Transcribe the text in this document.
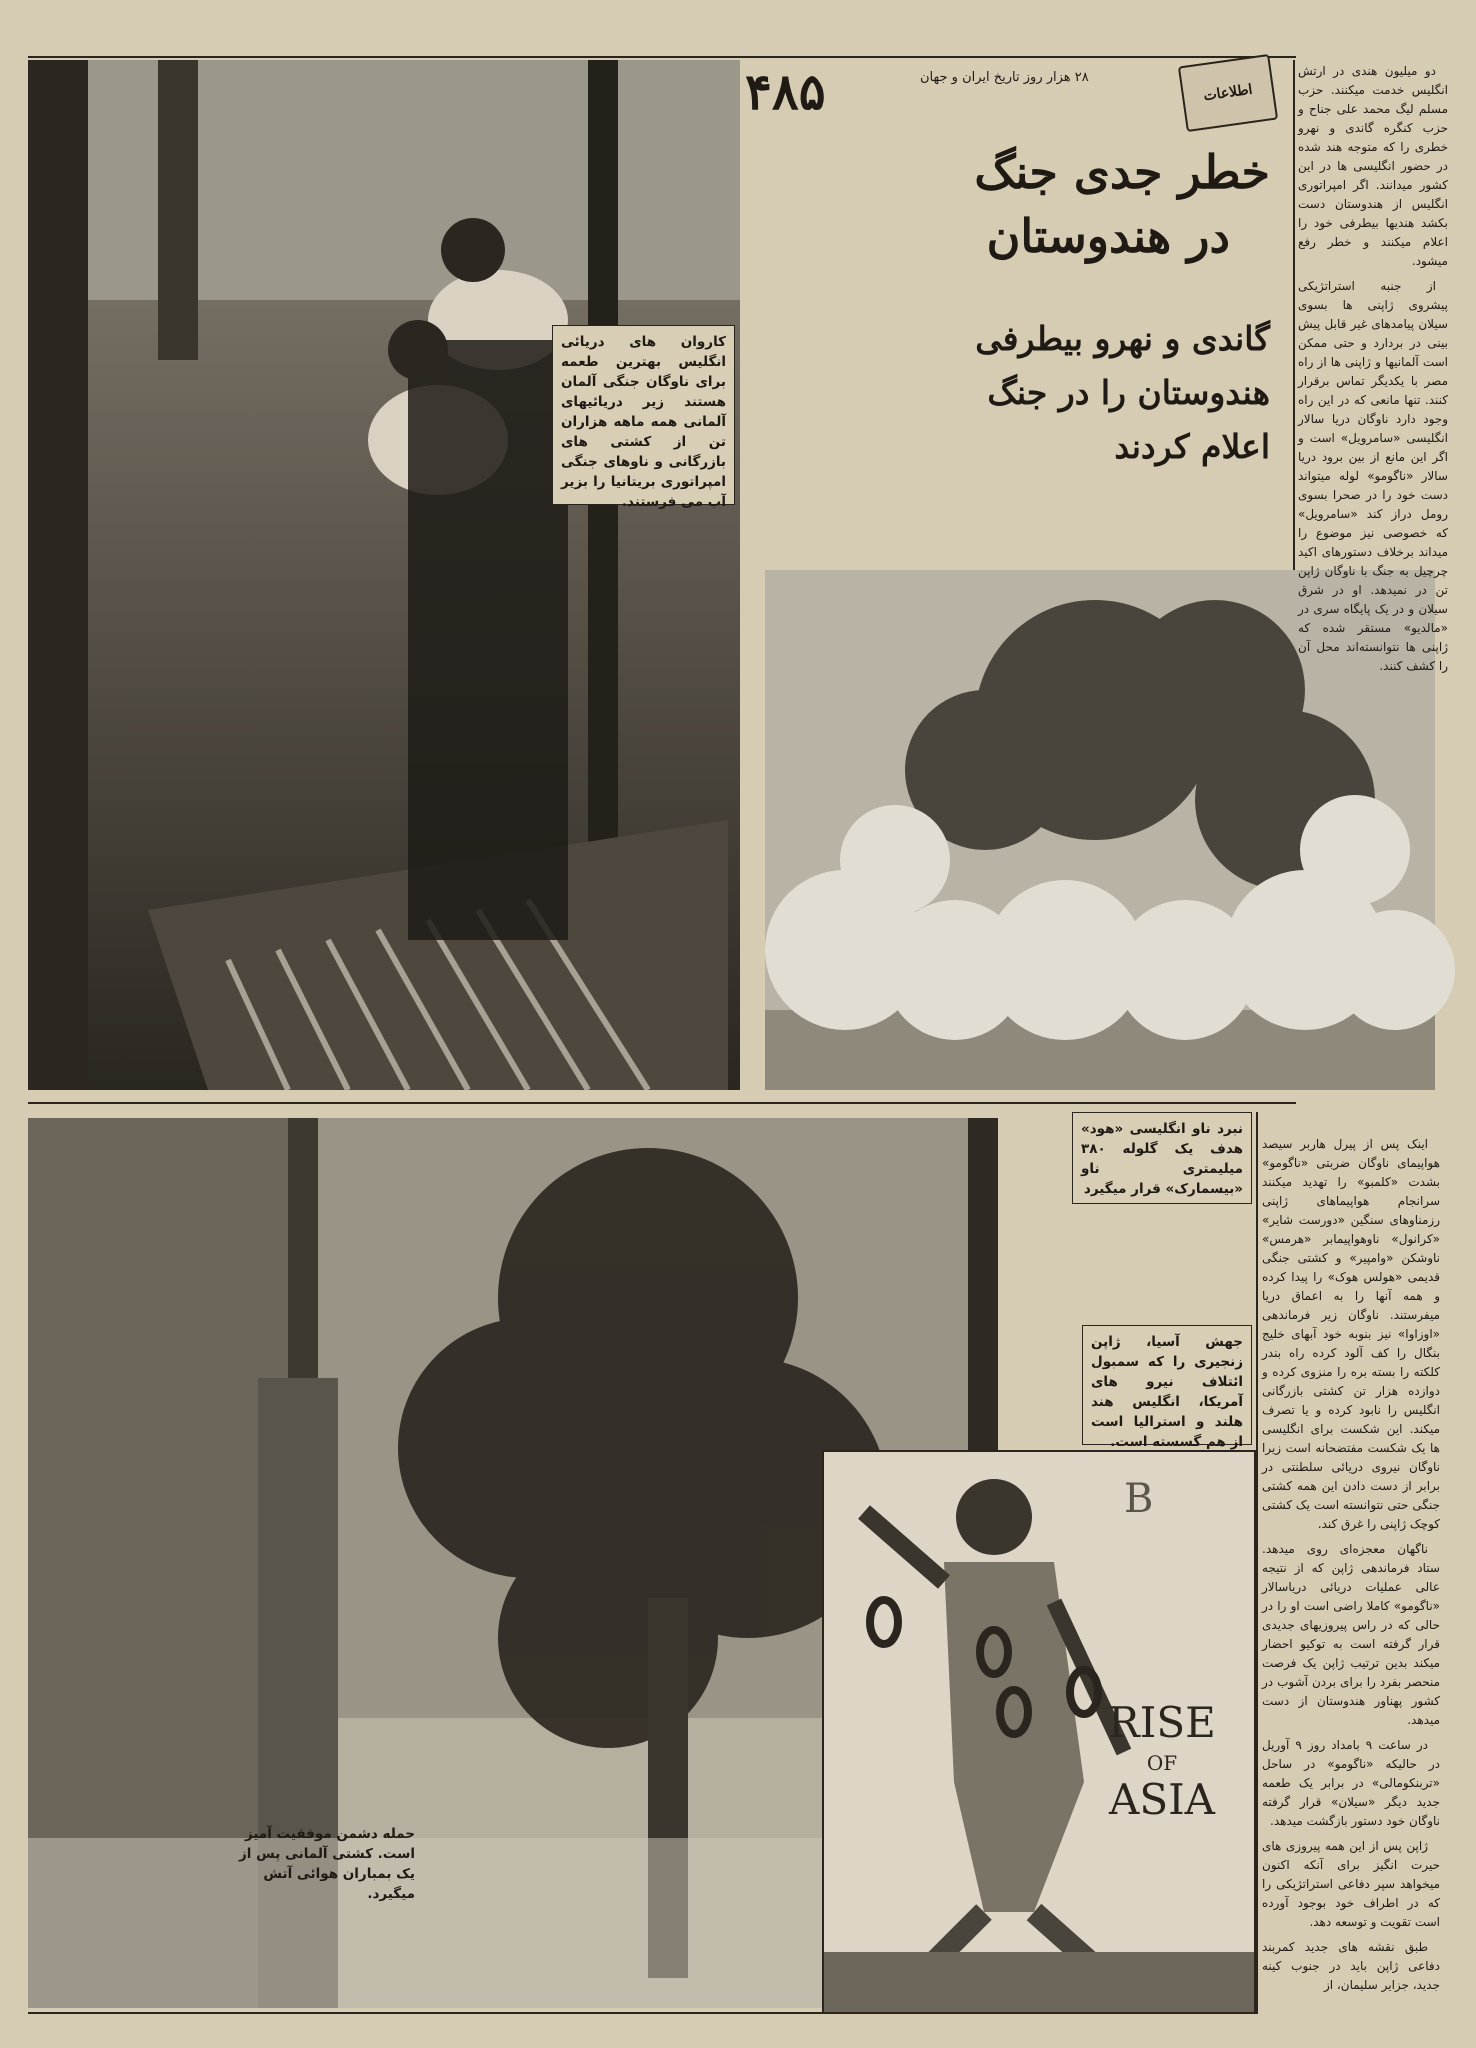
۴۸۵	۲۸ هزار روز تاریخ ایران و جهان
اطلاعات
خطر جدی جنگ
در هندوستان
گاندی و نهرو بیطرفی
هندوستان را در جنگ
اعلام کردند
کاروان های دریائی انگلیس بهترین طعمه برای ناوگان جنگی آلمان هستند زیر دریائیهای آلمانی همه ماهه هزاران تن از کشتی های بازرگانی و ناوهای جنگی امپراتوری بریتانیا را بزیر آب می فرستند.

دو میلیون هندی در ارتش انگلیس خدمت میکنند. حزب مسلم لیگ محمد علی جناح و حزب کنگره گاندی و نهرو خطری را که متوجه هند شده در حضور انگلیسی ها در این کشور میدانند. اگر امپراتوری انگلیس از هندوستان دست بکشد هندیها بیطرفی خود را اعلام میکنند و خطر رفع میشود.

از جنبه استراتژیکی پیشروی ژاپنی ها بسوی سیلان پیامدهای غیر قابل پیش بینی در بردارد و حتی ممکن است آلمانیها و ژاپنی ها از راه مصر با یکدیگر تماس برقرار کنند. تنها مانعی که در این راه وجود دارد ناوگان دریا سالار انگلیسی «سامرویل» است و اگر این مانع از بین برود دریا سالار «ناگومو» لوله میتواند دست خود را در صحرا بسوی رومل دراز کند «سامرویل» که خصوصی نیز موضوع را میداند برخلاف دستورهای اکید چرچیل به جنگ با ناوگان ژاپن تن در نمیدهد. او در شرق سیلان و در یک پایگاه سری در «مالدیو» مستقر شده که ژاپنی ها نتوانسته‌اند محل آن را کشف کنند.

نبرد ناو انگلیسی «هود» هدف یک گلوله ۳۸۰ میلیمتری ناو «بیسمارک» قرار میگیرد
جهش آسیا، ژاپن زنجیری را که سمبول ائتلاف نیرو های آمریکا، انگلیس هند هلند و استرالیا است از هم گسسته است.
حمله دشمن موفقیت آمیز است. کشتی آلمانی پس از یک بمباران هوائی آتش میگیرد.
B
RISE
OF
ASIA

اینک پس از پیرل هاربر سیصد هواپیمای ناوگان ضربتی «ناگومو» بشدت «کلمبو» را تهدید میکنند سرانجام هواپیماهای ژاپنی رزمناوهای سنگین «دورست شایر» «کرانول» ناوهواپیمابر «هرمس» ناوشکن «وامپیر» و کشتی جنگی قدیمی «هولس هوک» را پیدا کرده و همه آنها را به اعماق دریا میفرستند. ناوگان زیر فرماندهی «اوزاوا» نیز بنوبه خود آبهای خلیج بنگال را کف آلود کرده راه بندر کلکته را بسته بره را منزوی کرده و دوازده هزار تن کشتی بازرگانی انگلیس را نابود کرده و یا تصرف میکند. این شکست برای انگلیسی ها یک شکست مفتضحانه است زیرا ناوگان نیروی دریائی سلطنتی در برابر از دست دادن این همه کشتی جنگی حتی نتوانسته است یک کشتی کوچک ژاپنی را غرق کند.

ناگهان معجزه‌ای روی میدهد. ستاد فرماندهی ژاپن که از نتیجه عالی عملیات دریائی دریاسالار «ناگومو» کاملا راضی است او را در حالی که در راس پیروزیهای جدیدی قرار گرفته است به توکیو احضار میکند بدین ترتیب ژاپن یک فرصت منحصر بفرد را برای بردن آشوب در کشور پهناور هندوستان از دست میدهد.

در ساعت ۹ بامداد روز ۹ آوریل در حالیکه «ناگومو» در ساحل «تربنکومالی» در برابر یک طعمه جدید دیگر «سیلان» قرار گرفته ناوگان خود دستور بازگشت میدهد.

ژاپن پس از این همه پیروزی های حیرت انگیز برای آنکه اکنون میخواهد سپر دفاعی استراتژیکی را که در اطراف خود بوجود آورده است تقویت و توسعه دهد.

طبق نقشه های جدید کمربند دفاعی ژاپن باید در جنوب کینه جدید، جزایر سلیمان، از
